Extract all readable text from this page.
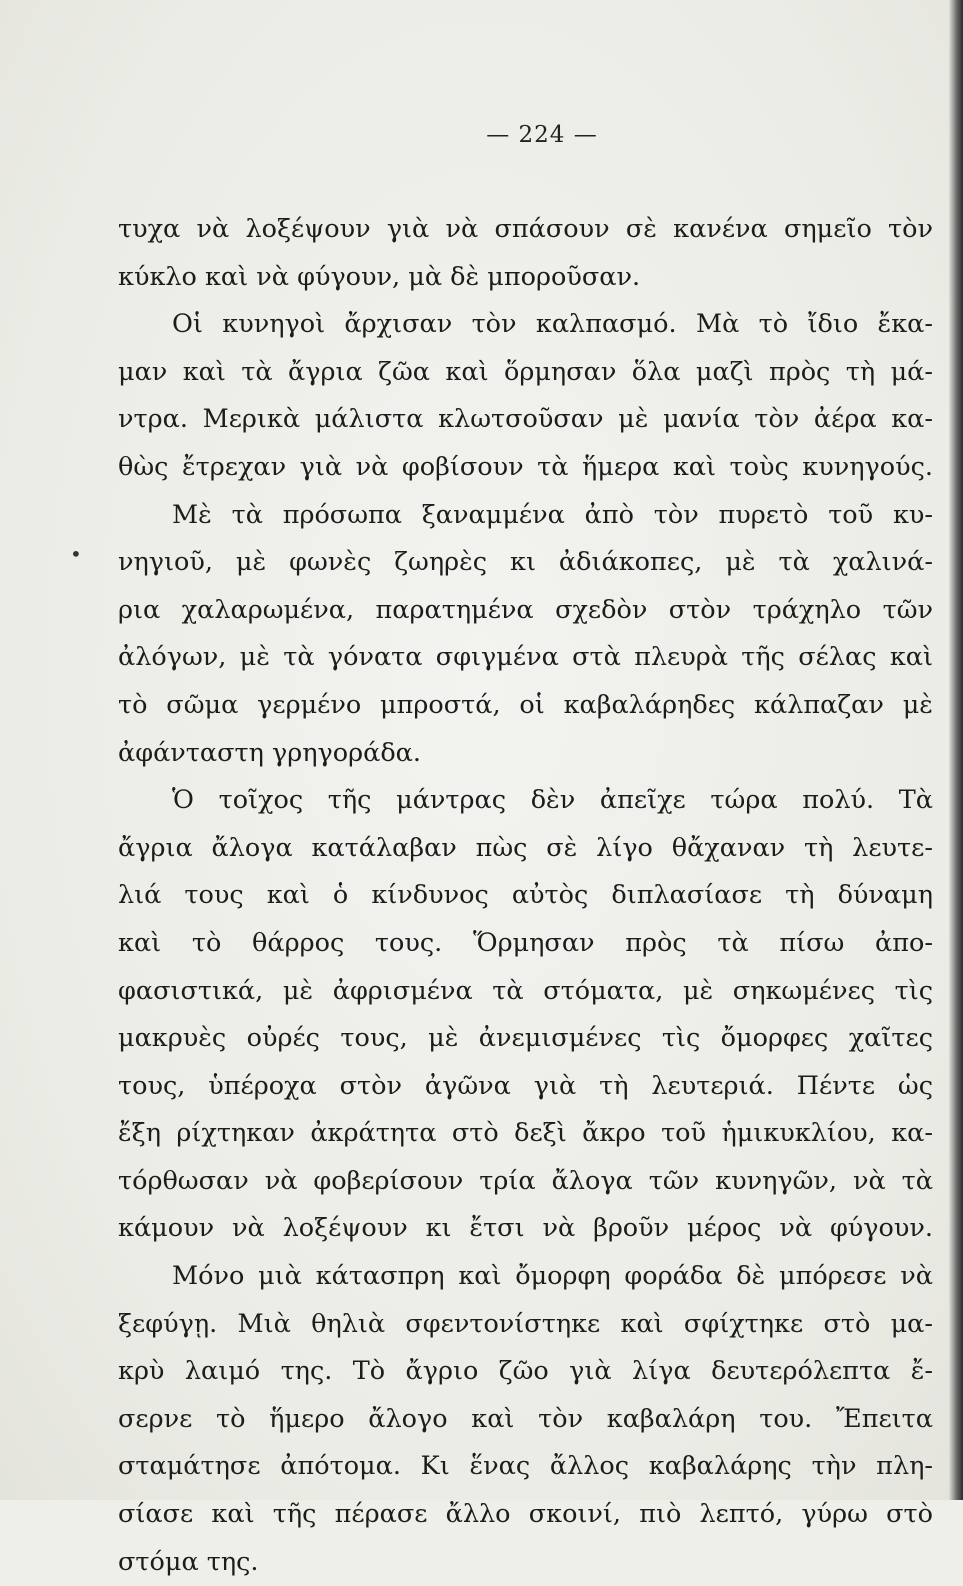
— 224 —
•
τυχα νὰ λοξέψουν γιὰ νὰ σπάσουν σὲ κανένα σημεῖο τὸν
κύκλο καὶ νὰ φύγουν, μὰ δὲ μποροῦσαν.
Οἱ κυνηγοὶ ἄρχισαν τὸν καλπασμό. Μὰ τὸ ἴδιο ἔκα-
μαν καὶ τὰ ἄγρια ζῶα καὶ ὅρμησαν ὅλα μαζὶ πρὸς τὴ μά-
ντρα. Μερικὰ μάλιστα κλωτσοῦσαν μὲ μανία τὸν ἀέρα κα-
θὼς ἔτρεχαν γιὰ νὰ φοβίσουν τὰ ἥμερα καὶ τοὺς κυνηγούς.
Μὲ τὰ πρόσωπα ξαναμμένα ἀπὸ τὸν πυρετὸ τοῦ κυ-
νηγιοῦ, μὲ φωνὲς ζωηρὲς κι ἀδιάκοπες, μὲ τὰ χαλινά-
ρια χαλαρωμένα, παρατημένα σχεδὸν στὸν τράχηλο τῶν
ἀλόγων, μὲ τὰ γόνατα σφιγμένα στὰ πλευρὰ τῆς σέλας καὶ
τὸ σῶμα γερμένο μπροστά, οἱ καβαλάρηδες κάλπαζαν μὲ
ἀφάνταστη γρηγοράδα.
Ὁ τοῖχος τῆς μάντρας δὲν ἀπεῖχε τώρα πολύ. Τὰ
ἄγρια ἄλογα κατάλαβαν πὼς σὲ λίγο θἄχαναν τὴ λευτε-
λιά τους καὶ ὁ κίνδυνος αὐτὸς διπλασίασε τὴ δύναμη
καὶ τὸ θάρρος τους. Ὅρμησαν πρὸς τὰ πίσω ἀπο-
φασιστικά, μὲ ἀφρισμένα τὰ στόματα, μὲ σηκωμένες τὶς
μακρυὲς οὐρές τους, μὲ ἀνεμισμένες τὶς ὄμορφες χαῖτες
τους, ὑπέροχα στὸν ἀγῶνα γιὰ τὴ λευτεριά. Πέντε ὡς
ἔξη ρίχτηκαν ἀκράτητα στὸ δεξὶ ἄκρο τοῦ ἡμικυκλίου, κα-
τόρθωσαν νὰ φοβερίσουν τρία ἄλογα τῶν κυνηγῶν, νὰ τὰ
κάμουν νὰ λοξέψουν κι ἔτσι νὰ βροῦν μέρος νὰ φύγουν.
Μόνο μιὰ κάτασπρη καὶ ὄμορφη φοράδα δὲ μπόρεσε νὰ
ξεφύγῃ. Μιὰ θηλιὰ σφεντονίστηκε καὶ σφίχτηκε στὸ μα-
κρὺ λαιμό της. Τὸ ἄγριο ζῶο γιὰ λίγα δευτερόλεπτα ἔ-
σερνε τὸ ἥμερο ἄλογο καὶ τὸν καβαλάρη του. Ἔπειτα
σταμάτησε ἀπότομα. Κι ἕνας ἄλλος καβαλάρης τὴν πλη-
σίασε καὶ τῆς πέρασε ἄλλο σκοινί, πιὸ λεπτό, γύρω στὸ
στόμα της.
